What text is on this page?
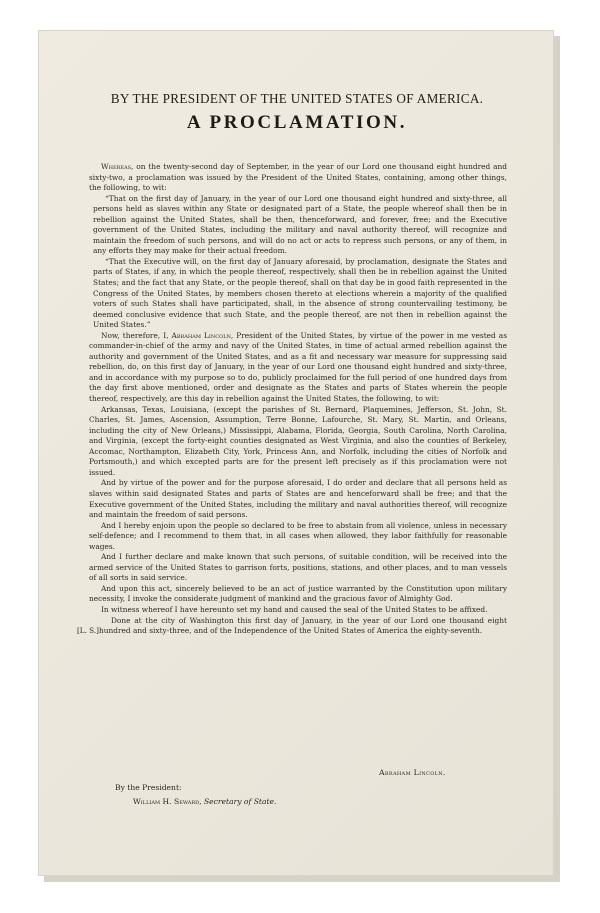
BY THE PRESIDENT OF THE UNITED STATES OF AMERICA.
A PROCLAMATION.

Whereas, on the twenty-second day of September, in the year of our Lord one thousand eight hundred and sixty-two, a proclamation was issued by the President of the United States, containing, among other things, the following, to wit:

“That on the first day of January, in the year of our Lord one thousand eight hundred and sixty-three, all persons held as slaves within any State or designated part of a State, the people whereof shall then be in rebellion against the United States, shall be then, thenceforward, and forever, free; and the Executive government of the United States, including the military and naval authority thereof, will recognize and maintain the freedom of such persons, and will do no act or acts to repress such persons, or any of them, in any efforts they may make for their actual freedom.

“That the Executive will, on the first day of January aforesaid, by proclamation, designate the States and parts of States, if any, in which the people thereof, respectively, shall then be in rebellion against the United States; and the fact that any State, or the people thereof, shall on that day be in good faith represented in the Congress of the United States, by members chosen thereto at elections wherein a majority of the qualified voters of such States shall have participated, shall, in the absence of strong countervailing testimony, be deemed conclusive evidence that such State, and the people thereof, are not then in rebellion against the United States.”

Now, therefore, I, Abraham Lincoln, President of the United States, by virtue of the power in me vested as commander-in-chief of the army and navy of the United States, in time of actual armed rebellion against the authority and government of the United States, and as a fit and necessary war measure for suppressing said rebellion, do, on this first day of January, in the year of our Lord one thousand eight hundred and sixty-three, and in accordance with my purpose so to do, publicly proclaimed for the full period of one hundred days from the day first above mentioned, order and designate as the States and parts of States wherein the people thereof, respectively, are this day in rebellion against the United States, the following, to wit:

Arkansas, Texas, Louisiana, (except the parishes of St. Bernard, Plaquemines, Jefferson, St. John, St. Charles, St. James, Ascension, Assumption, Terre Bonne, Lafourche, St. Mary, St. Martin, and Orleans, including the city of New Orleans,) Mississippi, Alabama, Florida, Georgia, South Carolina, North Carolina, and Virginia, (except the forty-eight counties designated as West Virginia, and also the counties of Berkeley, Accomac, Northampton, Elizabeth City, York, Princess Ann, and Norfolk, including the cities of Norfolk and Portsmouth,) and which excepted parts are for the present left precisely as if this proclamation were not issued.

And by virtue of the power and for the purpose aforesaid, I do order and declare that all persons held as slaves within said designated States and parts of States are and henceforward shall be free; and that the Executive government of the United States, including the military and naval authorities thereof, will recognize and maintain the freedom of said persons.

And I hereby enjoin upon the people so declared to be free to abstain from all violence, unless in necessary self-defence; and I recommend to them that, in all cases when allowed, they labor faithfully for reasonable wages.

And I further declare and make known that such persons, of suitable condition, will be received into the armed service of the United States to garrison forts, positions, stations, and other places, and to man vessels of all sorts in said service.

And upon this act, sincerely believed to be an act of justice warranted by the Constitution upon military necessity, I invoke the considerate judgment of mankind and the gracious favor of Almighty God.

In witness whereof I have hereunto set my hand and caused the seal of the United States to be affixed.

[L. S.]

Done at the city of Washington this first day of January, in the year of our Lord one thousand eight hundred and sixty-three, and of the Independence of the United States of America the eighty-seventh.

Abraham Lincoln.
By the President:
William H. Seward, Secretary of State.
